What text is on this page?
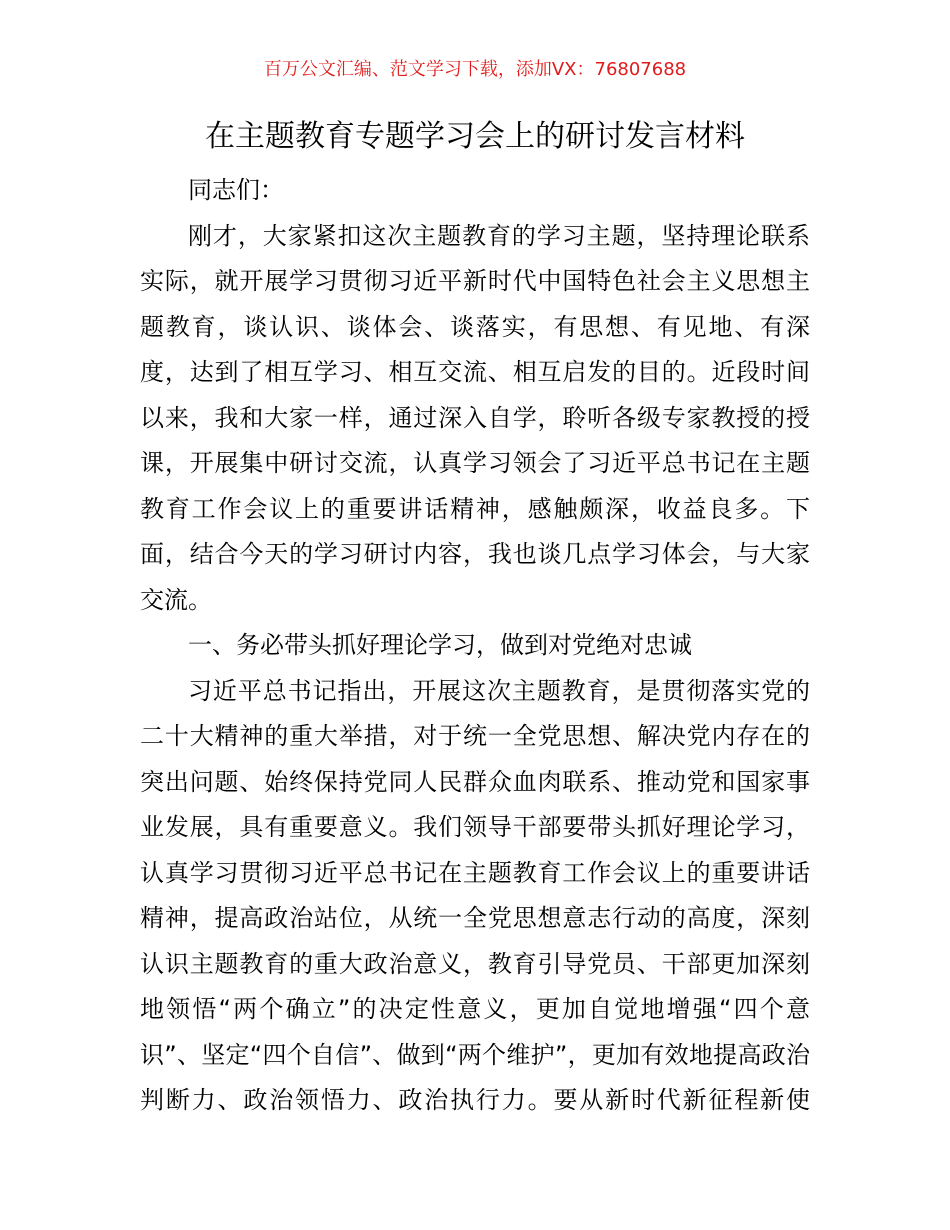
百万公文汇编、范文学习下载，添加VX：76807688
在主题教育专题学习会上的研讨发言材料

同志们：

刚才，大家紧扣这次主题教育的学习主题，坚持理论联系实际，就开展学习贯彻习近平新时代中国特色社会主义思想主题教育，谈认识、谈体会、谈落实，有思想、有见地、有深度，达到了相互学习、相互交流、相互启发的目的。近段时间以来，我和大家一样，通过深入自学，聆听各级专家教授的授课，开展集中研讨交流，认真学习领会了习近平总书记在主题教育工作会议上的重要讲话精神，感触颇深，收益良多。下面，结合今天的学习研讨内容，我也谈几点学习体会，与大家交流。

一、务必带头抓好理论学习，做到对党绝对忠诚

习近平总书记指出，开展这次主题教育，是贯彻落实党的二十大精神的重大举措，对于统一全党思想、解决党内存在的突出问题、始终保持党同人民群众血肉联系、推动党和国家事业发展，具有重要意义。我们领导干部要带头抓好理论学习，认真学习贯彻习近平总书记在主题教育工作会议上的重要讲话精神，提高政治站位，从统一全党思想意志行动的高度，深刻认识主题教育的重大政治意义，教育引导党员、干部更加深刻地领悟“两个确立”的决定性意义，更加自觉地增强“四个意识”、坚定“四个自信”、做到“两个维护”，更加有效地提高政治判断力、政治领悟力、政治执行力。要从新时代新征程新使
